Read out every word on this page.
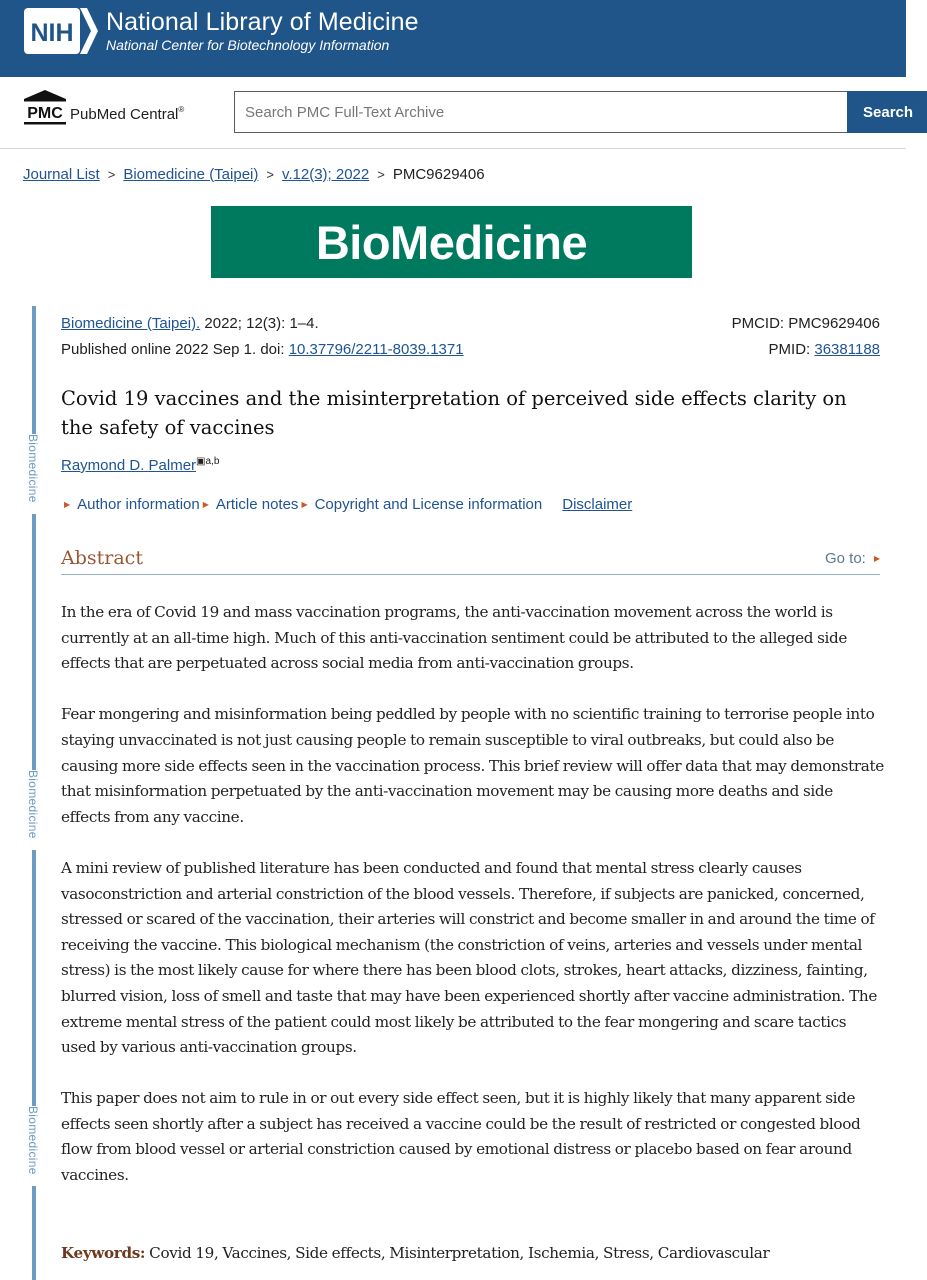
NIH National Library of Medicine
National Center for Biotechnology Information
PMC PubMed Central®
Search PMC Full-Text Archive	Search
Journal List > Biomedicine (Taipei) > v.12(3); 2022 > PMC9629406
BioMedicine
Biomedicine
Biomedicine
Biomedicine
Biomedicine (Taipei). 2022; 12(3): 1–4.
Published online 2022 Sep 1. doi: 10.37796/2211-8039.1371
PMCID: PMC9629406
PMID: 36381188
Covid 19 vaccines and the misinterpretation of perceived side effects clarity on the safety of vaccines
Raymond D. Palmer$^{▣a,b}$
▶ Author information ▶ Article notes ▶ Copyright and License information Disclaimer
Abstract	Go to: ▶

In the era of Covid 19 and mass vaccination programs, the anti-vaccination movement across the world is currently at an all-time high. Much of this anti-vaccination sentiment could be attributed to the alleged side effects that are perpetuated across social media from anti-vaccination groups.

Fear mongering and misinformation being peddled by people with no scientific training to terrorise people into staying unvaccinated is not just causing people to remain susceptible to viral outbreaks, but could also be causing more side effects seen in the vaccination process. This brief review will offer data that may demonstrate that misinformation perpetuated by the anti-vaccination movement may be causing more deaths and side effects from any vaccine.

A mini review of published literature has been conducted and found that mental stress clearly causes vasoconstriction and arterial constriction of the blood vessels. Therefore, if subjects are panicked, concerned, stressed or scared of the vaccination, their arteries will constrict and become smaller in and around the time of receiving the vaccine. This biological mechanism (the constriction of veins, arteries and vessels under mental stress) is the most likely cause for where there has been blood clots, strokes, heart attacks, dizziness, fainting, blurred vision, loss of smell and taste that may have been experienced shortly after vaccine administration. The extreme mental stress of the patient could most likely be attributed to the fear mongering and scare tactics used by various anti-vaccination groups.

This paper does not aim to rule in or out every side effect seen, but it is highly likely that many apparent side effects seen shortly after a subject has received a vaccine could be the result of restricted or congested blood flow from blood vessel or arterial constriction caused by emotional distress or placebo based on fear around vaccines.

Keywords: Covid 19, Vaccines, Side effects, Misinterpretation, Ischemia, Stress, Cardiovascular
